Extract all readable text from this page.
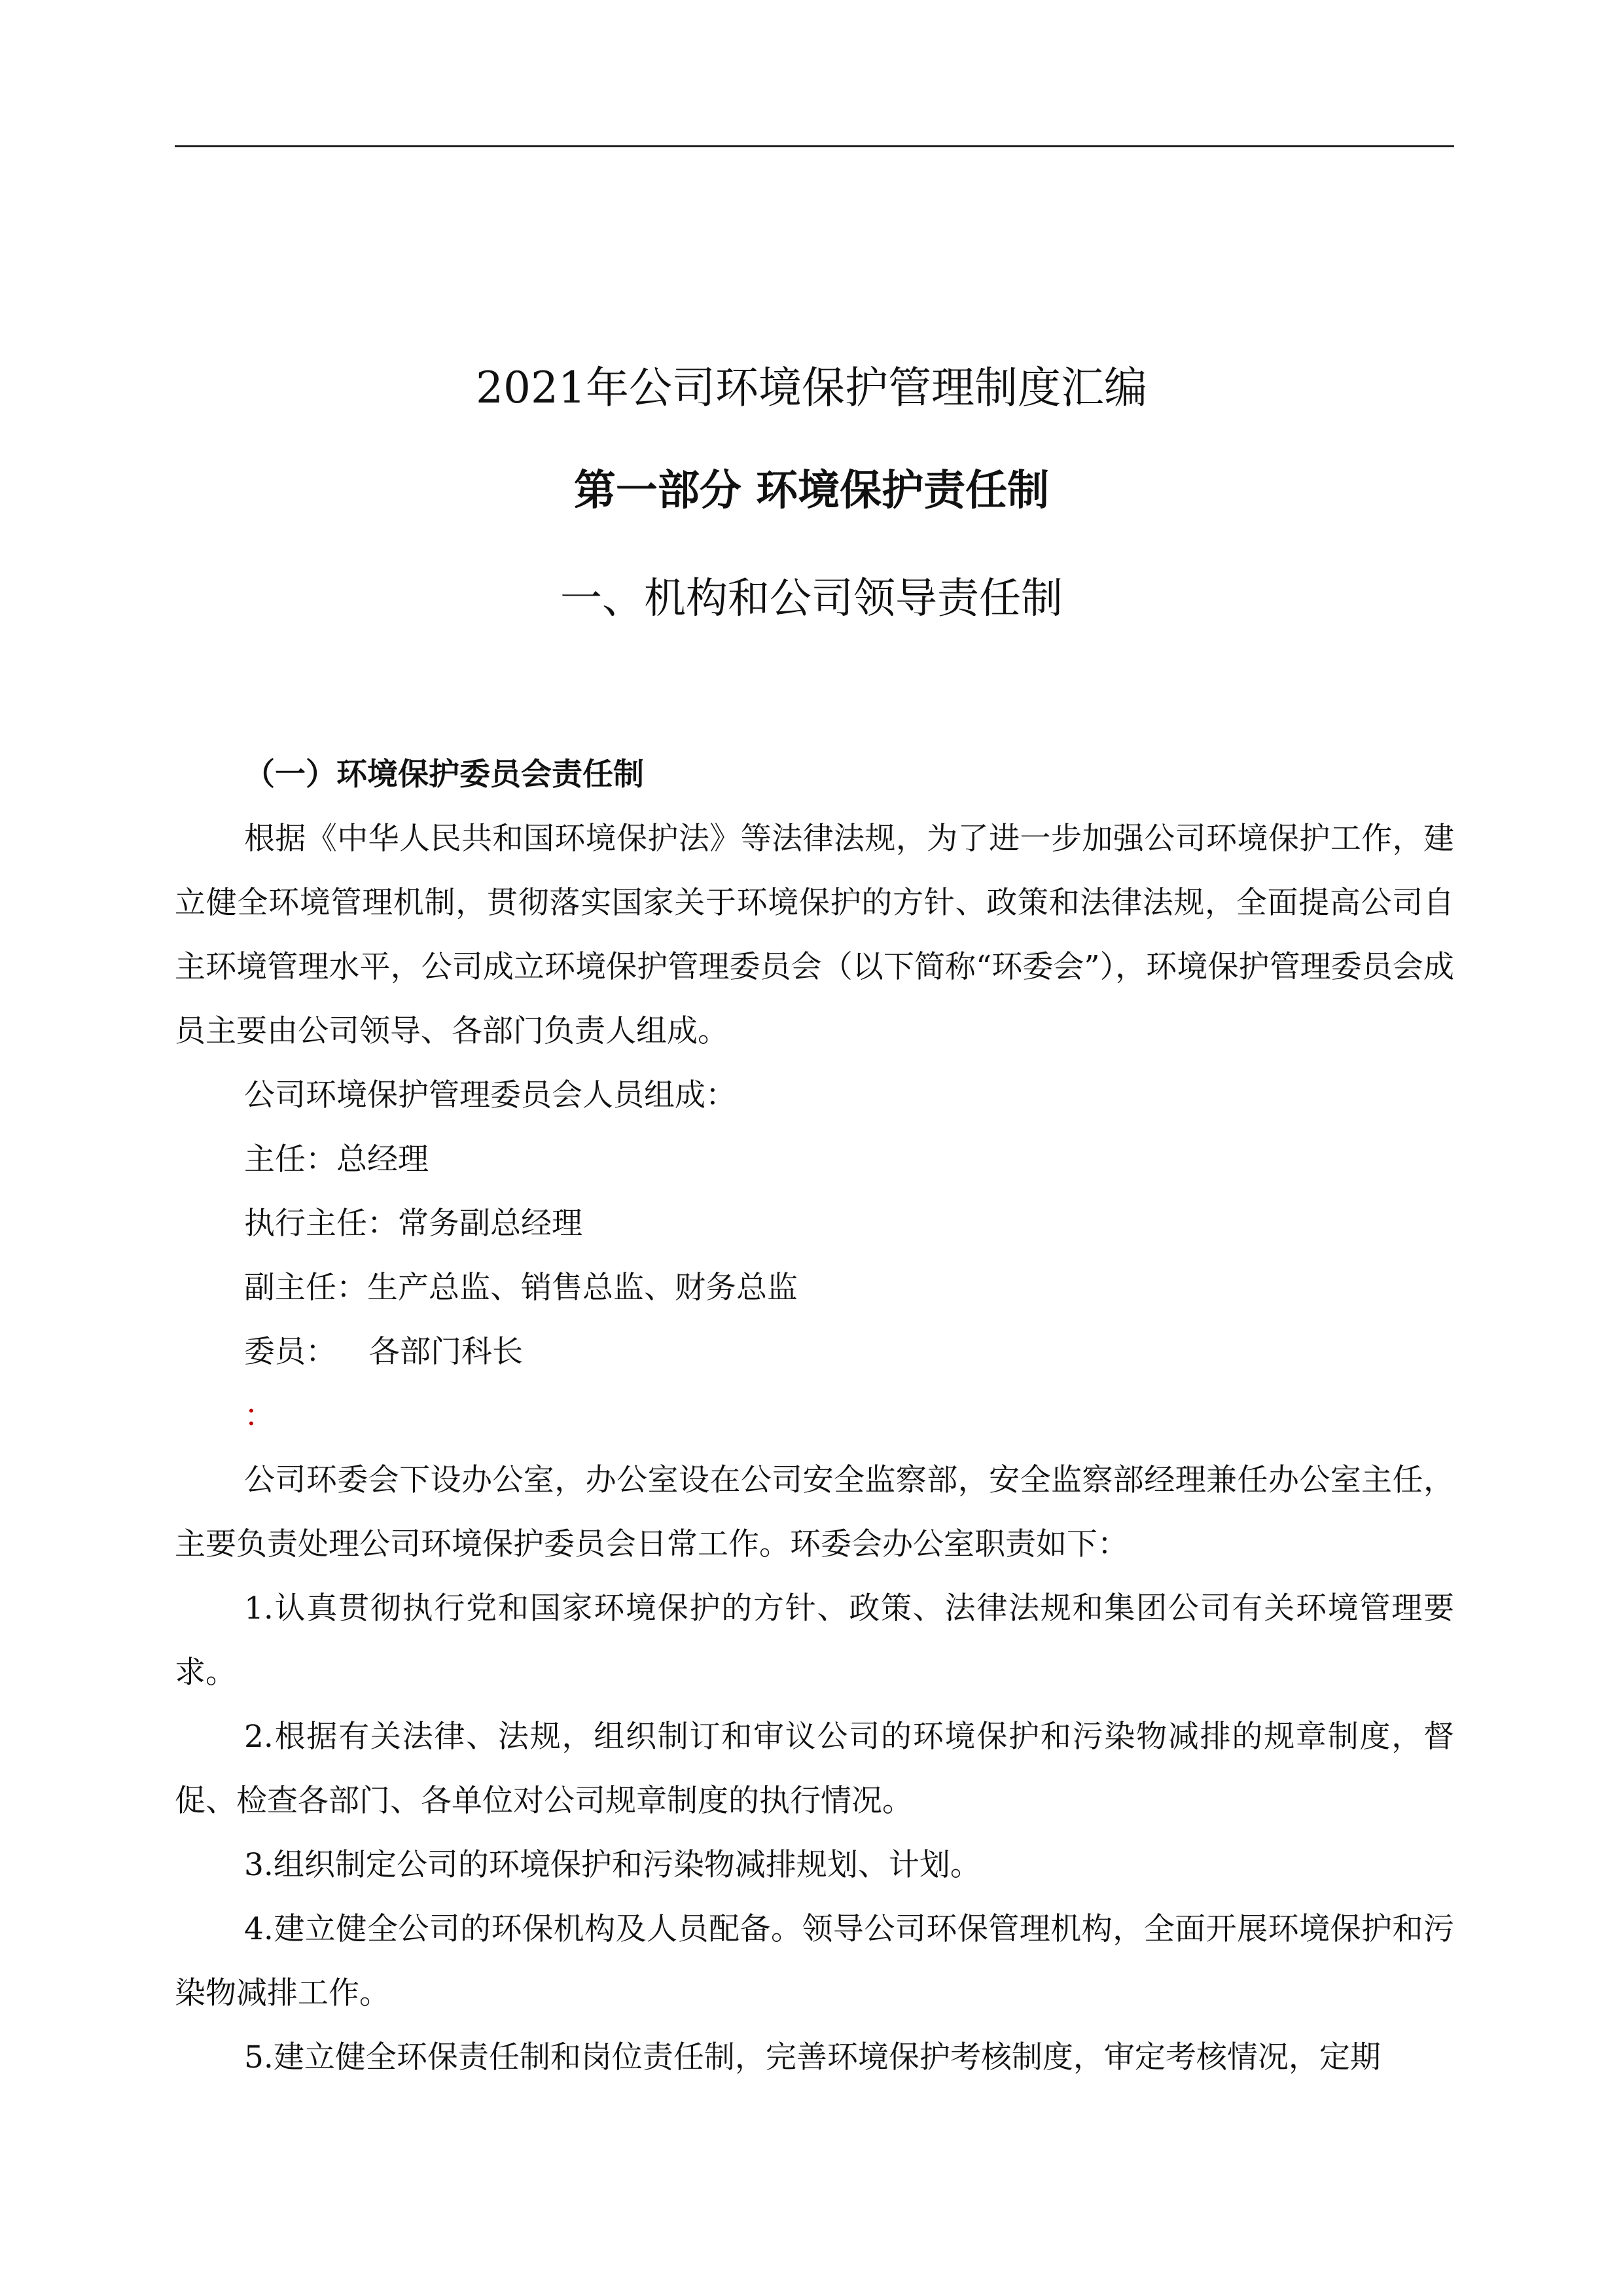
2021年公司环境保护管理制度汇编
第一部分 环境保护责任制
一、机构和公司领导责任制

（一）环境保护委员会责任制

根据《中华人民共和国环境保护法》等法律法规，为了进一步加强公司环境保护工作，建立健全环境管理机制，贯彻落实国家关于环境保护的方针、政策和法律法规，全面提高公司自主环境管理水平，公司成立环境保护管理委员会（以下简称“环委会”），环境保护管理委员会成员主要由公司领导、各部门负责人组成。

公司环境保护管理委员会人员组成：

主任：总经理

执行主任：常务副总经理

副主任：生产总监、销售总监、财务总监

委员： 各部门科长

：

公司环委会下设办公室，办公室设在公司安全监察部，安全监察部经理兼任办公室主任，主要负责处理公司环境保护委员会日常工作。环委会办公室职责如下：

1.认真贯彻执行党和国家环境保护的方针、政策、法律法规和集团公司有关环境管理要求。

2.根据有关法律、法规，组织制订和审议公司的环境保护和污染物减排的规章制度，督促、检查各部门、各单位对公司规章制度的执行情况。

3.组织制定公司的环境保护和污染物减排规划、计划。

4.建立健全公司的环保机构及人员配备。领导公司环保管理机构，全面开展环境保护和污染物减排工作。

5.建立健全环保责任制和岗位责任制，完善环境保护考核制度，审定考核情况，定期
